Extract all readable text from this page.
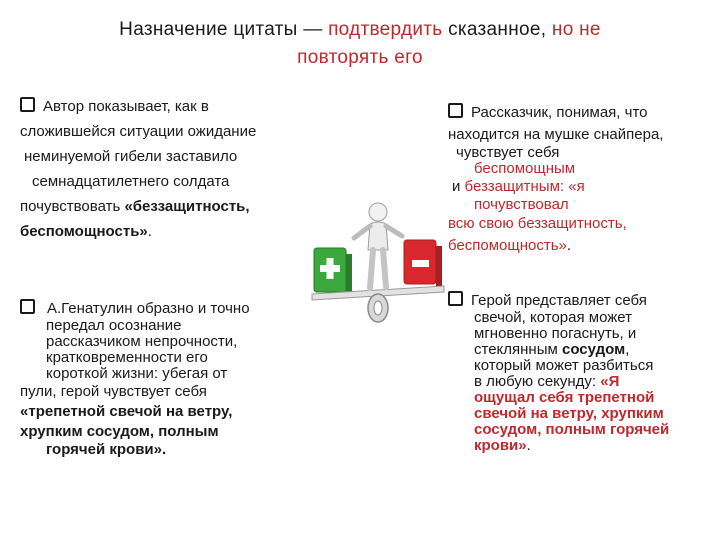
Назначение цитаты — подтвердить сказанное, но не
повторять его
Автор показывает, как в
сложившейся ситуации ожидание
неминуемой гибели заставило
семнадцатилетнего солдата
почувствовать «беззащитность,
беспомощность».
Рассказчик, понимая, что
находится на мушке снайпера,
чувствует себя
беспомощным
и беззащитным: «я
почувствовал
всю свою беззащитность,
беспомощность».
А.Генатулин образно и точно
передал осознание
рассказчиком непрочности,
кратковременности его
короткой жизни: убегая от
пули, герой чувствует себя
«трепетной свечой на ветру,
хрупким сосудом, полным
горячей крови».
Герой представляет себя
свечой, которая может
мгновенно погаснуть, и
стеклянным сосудом,
который может разбиться
в любую секунду: «Я
ощущал себя трепетной
свечой на ветру, хрупким
сосудом, полным горячей
крови».
